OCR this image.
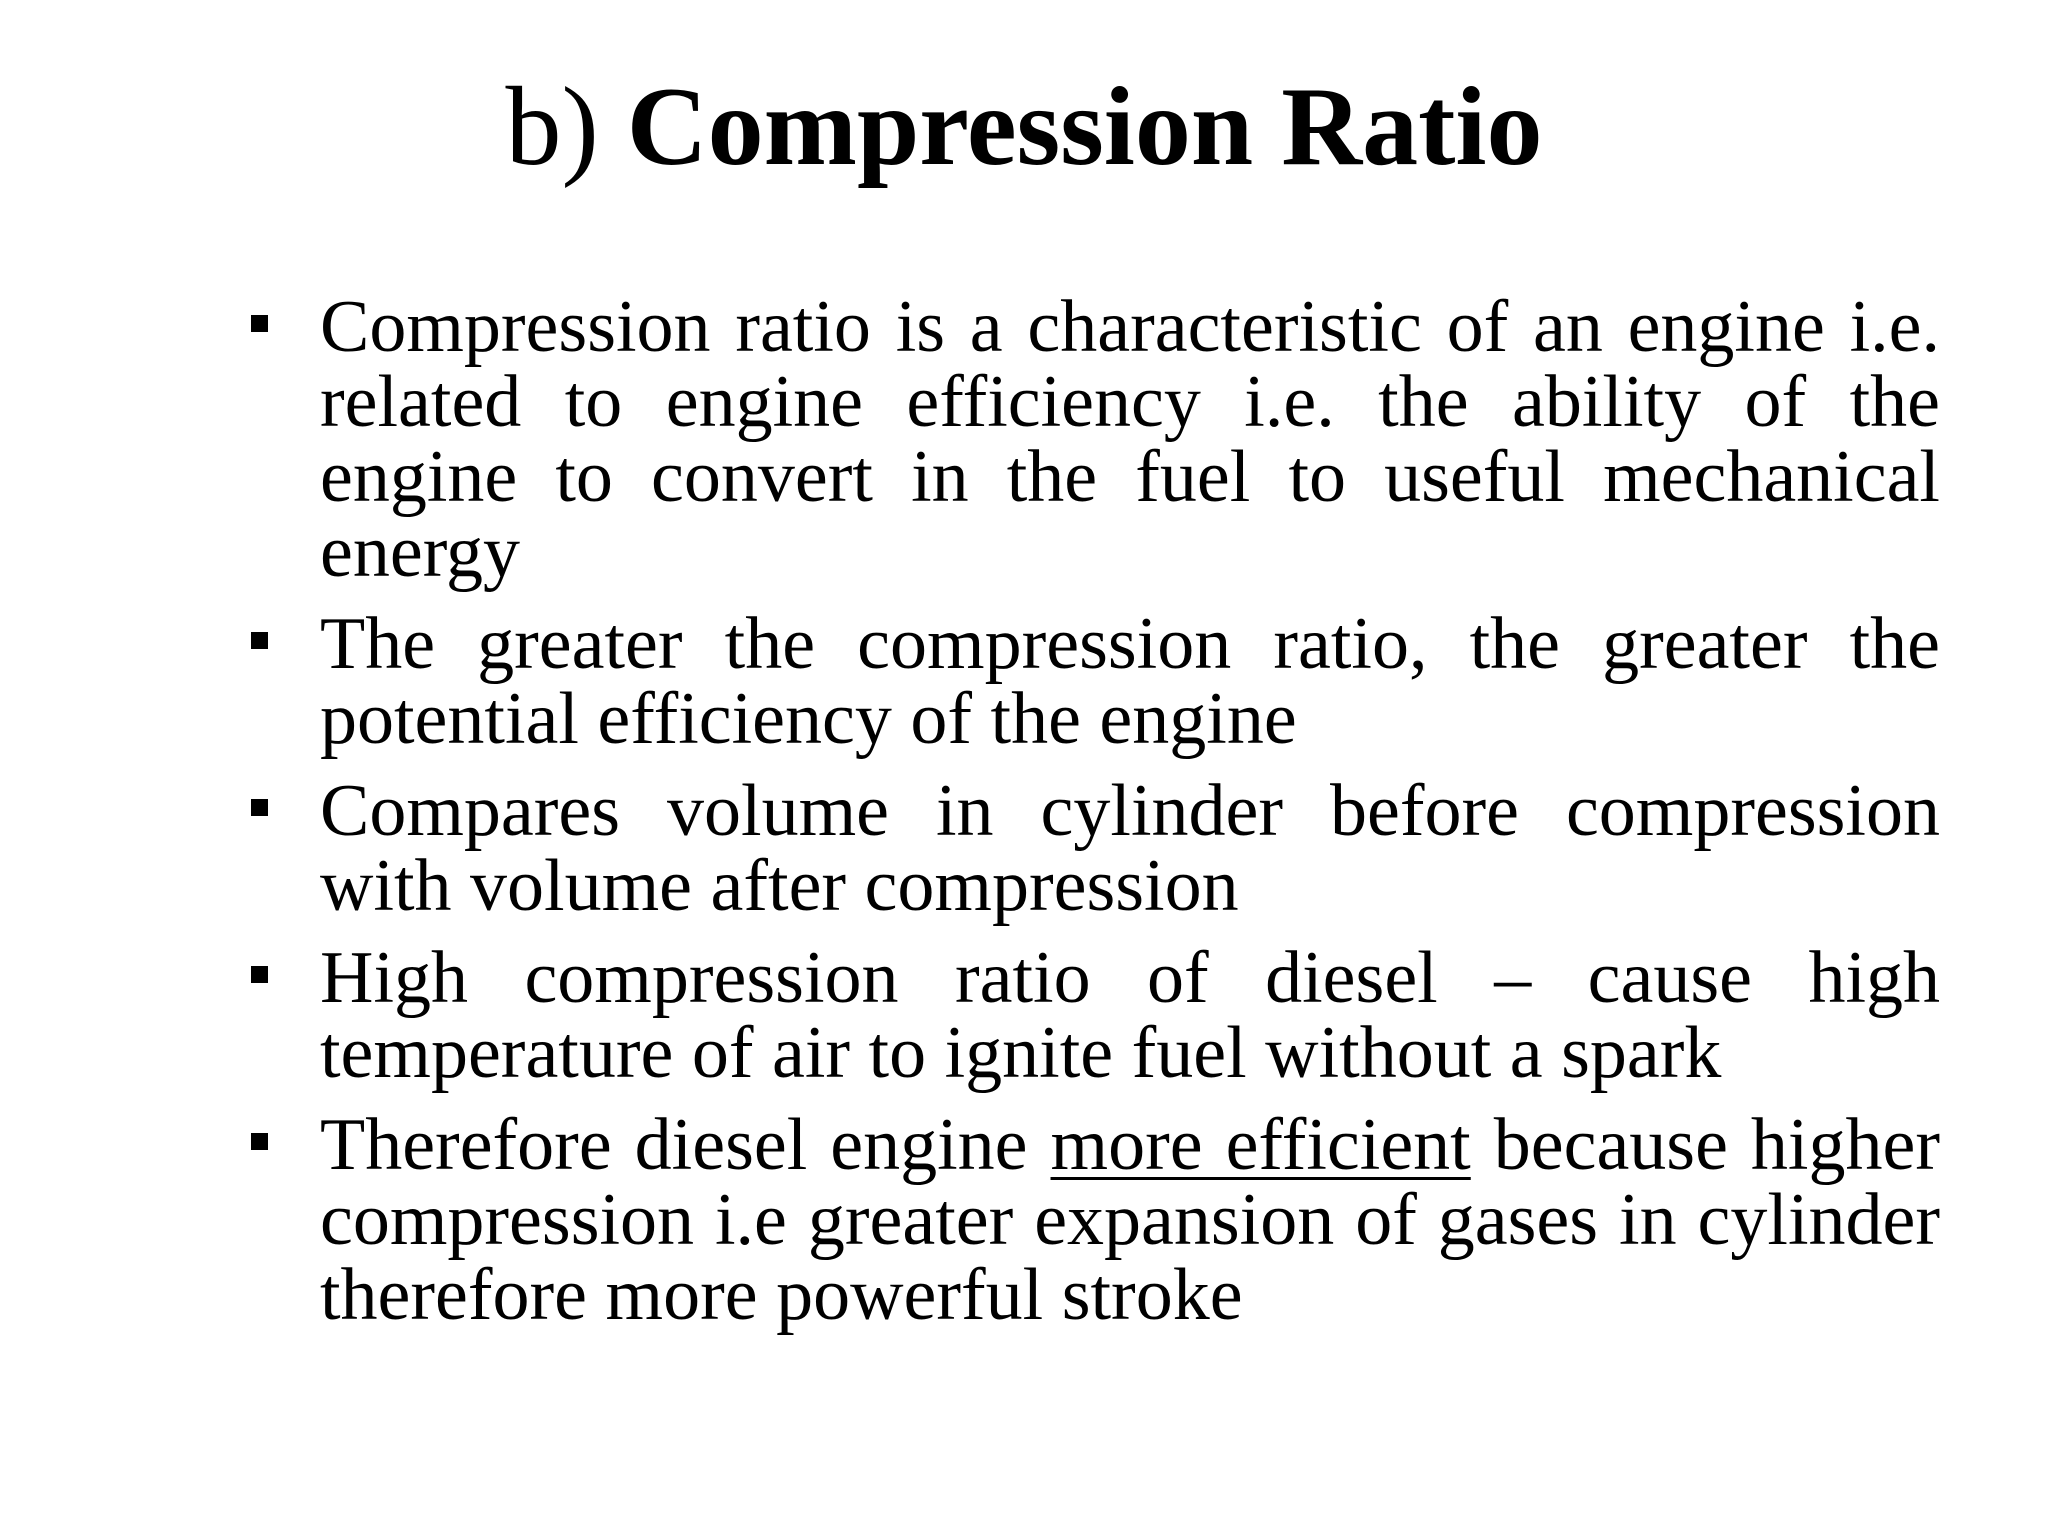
b) Compression Ratio
Compression ratio is a characteristic of an engine i.e. related to engine efficiency i.e. the ability of the engine to convert in the fuel to useful mechanical energy
The greater the compression ratio, the greater the potential efficiency of the engine
Compares volume in cylinder before compression with volume after compression
High compression ratio of diesel – cause high temperature of air to ignite fuel without a spark
Therefore diesel engine more efficient because higher compression i.e greater expansion of gases in cylinder therefore more powerful stroke
